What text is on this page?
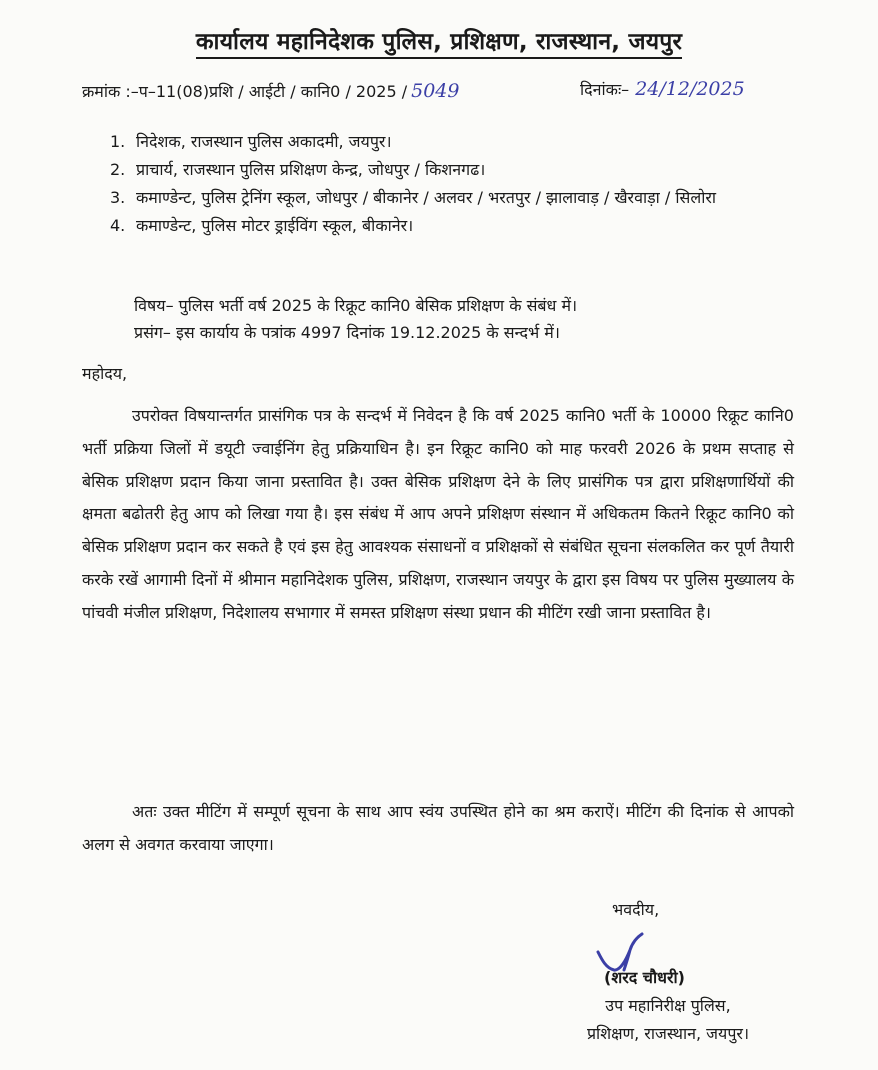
कार्यालय महानिदेशक पुलिस, प्रशिक्षण, राजस्थान, जयपुर
क्रमांक :–प–11(08)प्रशि / आईटी / कानि0 / 2025 / 5049	दिनांकः– 24/12/2025
1. निदेशक, राजस्थान पुलिस अकादमी, जयपुर।
2. प्राचार्य, राजस्थान पुलिस प्रशिक्षण केन्द्र, जोधपुर / किशनगढ।
3. कमाण्डेन्ट, पुलिस ट्रेनिंग स्कूल, जोधपुर / बीकानेर / अलवर / भरतपुर / झालावाड़ / खैरवाड़ा / सिलोरा
4. कमाण्डेन्ट, पुलिस मोटर ड्राईविंग स्कूल, बीकानेर।
विषय– पुलिस भर्ती वर्ष 2025 के रिक्रूट कानि0 बेसिक प्रशिक्षण के संबंध में।
प्रसंग– इस कार्याय के पत्रांक 4997 दिनांक 19.12.2025 के सन्दर्भ में।
महोदय,
उपरोक्त विषयान्तर्गत प्रासंगिक पत्र के सन्दर्भ में निवेदन है कि वर्ष 2025 कानि0 भर्ती के 10000 रिक्रूट कानि0 भर्ती प्रक्रिया जिलों में डयूटी ज्वाईनिंग हेतु प्रक्रियाधिन है। इन रिक्रूट कानि0 को माह फरवरी 2026 के प्रथम सप्ताह से बेसिक प्रशिक्षण प्रदान किया जाना प्रस्तावित है। उक्त बेसिक प्रशिक्षण देने के लिए प्रासंगिक पत्र द्वारा प्रशिक्षणार्थियों की क्षमता बढोतरी हेतु आप को लिखा गया है। इस संबंध में आप अपने प्रशिक्षण संस्थान में अधिकतम कितने रिक्रूट कानि0 को बेसिक प्रशिक्षण प्रदान कर सकते है एवं इस हेतु आवश्यक संसाधनों व प्रशिक्षकों से संबंधित सूचना संलकलित कर पूर्ण तैयारी करके रखें आगामी दिनों में श्रीमान महानिदेशक पुलिस, प्रशिक्षण, राजस्थान जयपुर के द्वारा इस विषय पर पुलिस मुख्यालय के पांचवी मंजील प्रशिक्षण, निदेशालय सभागार में समस्त प्रशिक्षण संस्था प्रधान की मीटिंग रखी जाना प्रस्तावित है।
अतः उक्त मीटिंग में सम्पूर्ण सूचना के साथ आप स्वंय उपस्थित होने का श्रम कराऐं। मीटिंग की दिनांक से आपको अलग से अवगत करवाया जाएगा।
भवदीय,
(शरद चौधरी)
उप महानिरीक्ष पुलिस,
प्रशिक्षण, राजस्थान, जयपुर।
